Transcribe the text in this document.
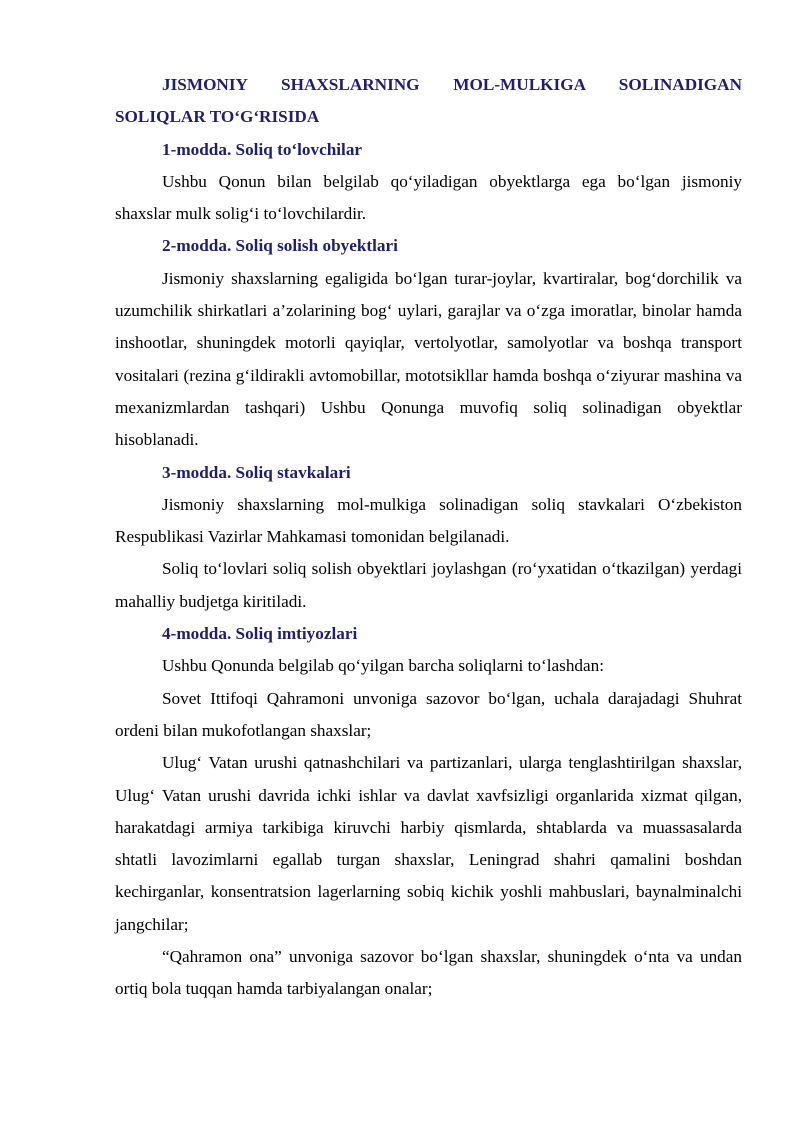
JISMONIY SHAXSLARNING MOL-MULKIGA SOLINADIGAN SOLIQLAR TO‘G‘RISIDA

1-modda. Soliq to‘lovchilar

Ushbu Qonun bilan belgilab qo‘yiladigan obyektlarga ega bo‘lgan jismoniy shaxslar mulk solig‘i to‘lovchilardir.

2-modda. Soliq solish obyektlari

Jismoniy shaxslarning egaligida bo‘lgan turar-joylar, kvartiralar, bog‘dorchilik va uzumchilik shirkatlari a’zolarining bog‘ uylari, garajlar va o‘zga imoratlar, binolar hamda inshootlar, shuningdek motorli qayiqlar, vertolyotlar, samolyotlar va boshqa transport vositalari (rezina g‘ildirakli avtomobillar, mototsikllar hamda boshqa o‘ziyurar mashina va mexanizmlardan tashqari) Ushbu Qonunga muvofiq soliq solinadigan obyektlar hisoblanadi.

3-modda. Soliq stavkalari

Jismoniy shaxslarning mol-mulkiga solinadigan soliq stavkalari O‘zbekiston Respublikasi Vazirlar Mahkamasi tomonidan belgilanadi.

Soliq to‘lovlari soliq solish obyektlari joylashgan (ro‘yxatidan o‘tkazilgan) yerdagi mahalliy budjetga kiritiladi.

4-modda. Soliq imtiyozlari

Ushbu Qonunda belgilab qo‘yilgan barcha soliqlarni to‘lashdan:

Sovet Ittifoqi Qahramoni unvoniga sazovor bo‘lgan, uchala darajadagi Shuhrat ordeni bilan mukofotlangan shaxslar;

Ulug‘ Vatan urushi qatnashchilari va partizanlari, ularga tenglashtirilgan shaxslar, Ulug‘ Vatan urushi davrida ichki ishlar va davlat xavfsizligi organlarida xizmat qilgan, harakatdagi armiya tarkibiga kiruvchi harbiy qismlarda, shtablarda va muassasalarda shtatli lavozimlarni egallab turgan shaxslar, Leningrad shahri qamalini boshdan kechirganlar, konsentratsion lagerlarning sobiq kichik yoshli mahbuslari, baynalminalchi jangchilar;

“Qahramon ona” unvoniga sazovor bo‘lgan shaxslar, shuningdek o‘nta va undan ortiq bola tuqqan hamda tarbiyalangan onalar;
